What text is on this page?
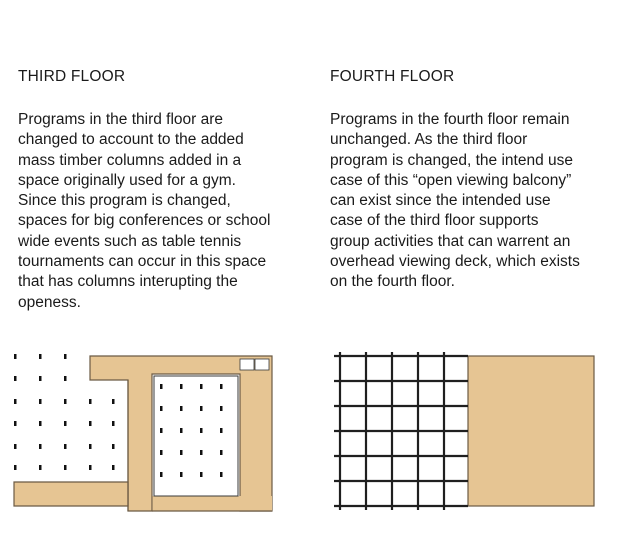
THIRD FLOOR

Programs in the third floor are
changed to account to the added
mass timber columns added in a
space originally used for a gym.
Since this program is changed,
spaces for big conferences or school
wide events such as table tennis
tournaments can occur in this space
that has columns interupting the
openess.

FOURTH FLOOR

Programs in the fourth floor remain
unchanged. As the third floor
program is changed, the intend use
case of this “open viewing balcony”
can exist since the intended use
case of the third floor supports
group activities that can warrent an
overhead viewing deck, which exists
on the fourth floor.
